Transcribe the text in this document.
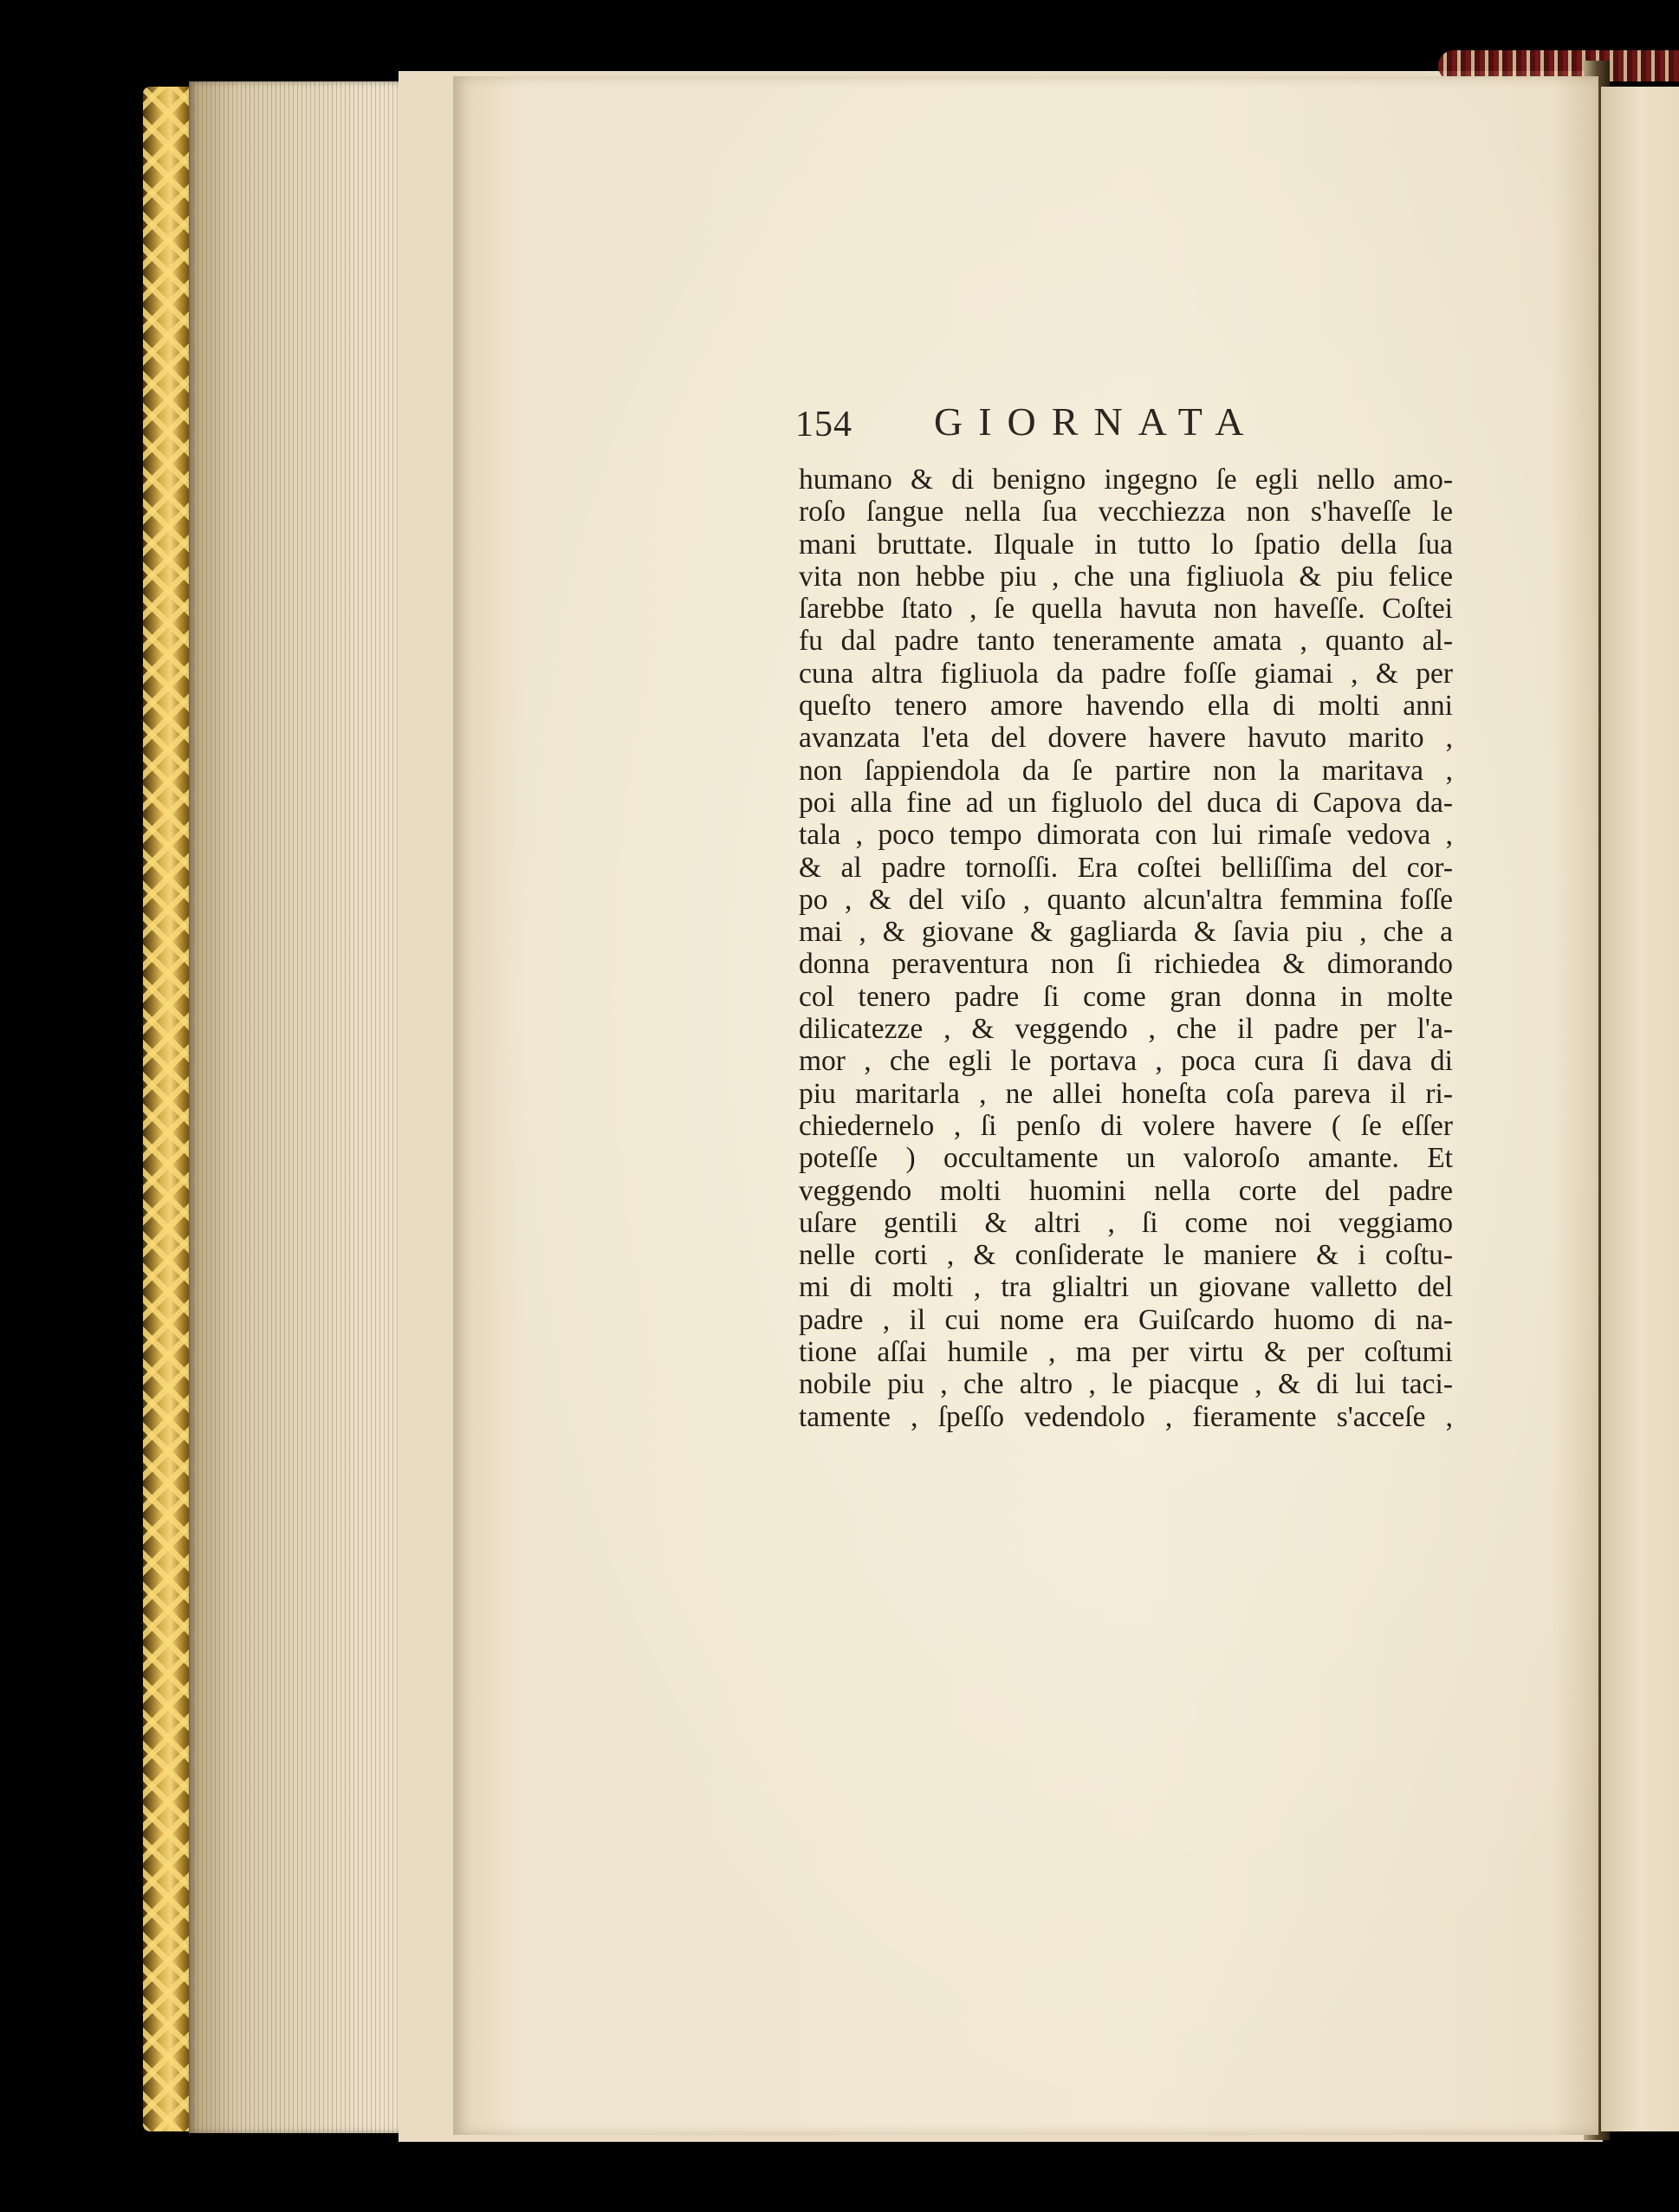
154 GIORNATA
humano & di benigno ingegno ſe egli nello amo-
roſo ſangue nella ſua vecchiezza non s'haveſſe le
mani bruttate. Ilquale in tutto lo ſpatio della ſua
vita non hebbe piu , che una figliuola & piu felice
ſarebbe ſtato , ſe quella havuta non haveſſe. Coſtei
fu dal padre tanto teneramente amata , quanto al-
cuna altra figliuola da padre foſſe giamai , & per
queſto tenero amore havendo ella di molti anni
avanzata l'eta del dovere havere havuto marito ,
non ſappiendola da ſe partire non la maritava ,
poi alla fine ad un figluolo del duca di Capova da-
tala , poco tempo dimorata con lui rimaſe vedova ,
& al padre tornoſſi. Era coſtei belliſſima del cor-
po , & del viſo , quanto alcun'altra femmina foſſe
mai , & giovane & gagliarda & ſavia piu , che a
donna peraventura non ſi richiedea & dimorando
col tenero padre ſi come gran donna in molte
dilicatezze , & veggendo , che il padre per l'a-
mor , che egli le portava , poca cura ſi dava di
piu maritarla , ne allei honeſta coſa pareva il ri-
chiedernelo , ſi penſo di volere havere ( ſe eſſer
poteſſe ) occultamente un valoroſo amante. Et
veggendo molti huomini nella corte del padre
uſare gentili & altri , ſi come noi veggiamo
nelle corti , & conſiderate le maniere & i coſtu-
mi di molti , tra glialtri un giovane valletto del
padre , il cui nome era Guiſcardo huomo di na-
tione aſſai humile , ma per virtu & per coſtumi
nobile piu , che altro , le piacque , & di lui taci-
tamente , ſpeſſo vedendolo , fieramente s'acceſe ,
